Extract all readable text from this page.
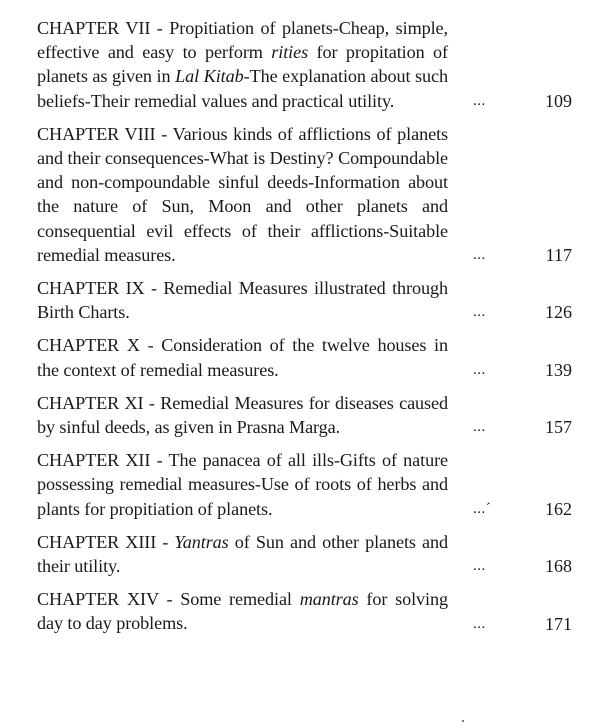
CHAPTER VII - Propitiation of planets-Cheap, simple, effective and easy to perform rities for propitation of planets as given in Lal Kitab-The explanation about such beliefs-Their remedial values and practical utility.	...	109
CHAPTER VIII - Various kinds of afflictions of planets and their consequences-What is Destiny? Compoundable and non-compoundable sinful deeds-Information about the nature of Sun, Moon and other planets and consequential evil effects of their afflictions-Suitable remedial measures.	...	117
CHAPTER IX - Remedial Measures illustrated through Birth Charts.	...	126
CHAPTER X - Consideration of the twelve houses in the context of remedial measures.	...	139
CHAPTER XI - Remedial Measures for diseases caused by sinful deeds, as given in Prasna Marga.	...	157
CHAPTER XII - The panacea of all ills-Gifts of nature possessing remedial measures-Use of roots of herbs and plants for propitiation of planets.	...´	162
CHAPTER XIII - Yantras of Sun and other planets and their utility.	...	168
CHAPTER XIV - Some remedial mantras for solving day to day problems.	...	171
